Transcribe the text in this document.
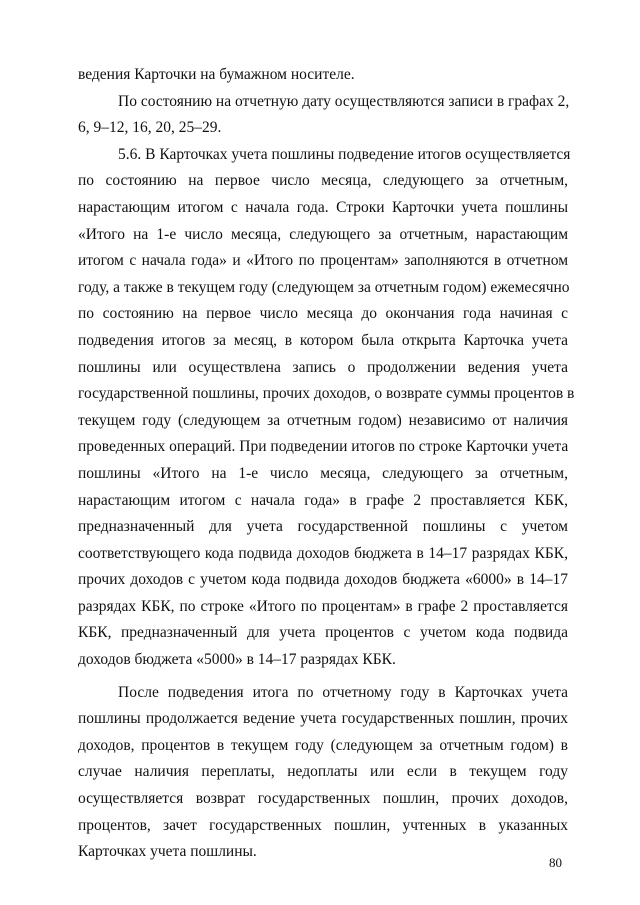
ведения Карточки на бумажном носителе.
По состоянию на отчетную дату осуществляются записи в графах 2,
6, 9–12, 16, 20, 25–29.
5.6. В Карточках учета пошлины подведение итогов осуществляется
по состоянию на первое число месяца, следующего за отчетным,
нарастающим итогом с начала года. Строки Карточки учета пошлины
«Итого на 1-е число месяца, следующего за отчетным, нарастающим
итогом с начала года» и «Итого по процентам» заполняются в отчетном
году, а также в текущем году (следующем за отчетным годом) ежемесячно
по состоянию на первое число месяца до окончания года начиная с
подведения итогов за месяц, в котором была открыта Карточка учета
пошлины или осуществлена запись о продолжении ведения учета
государственной пошлины, прочих доходов, о возврате суммы процентов в
текущем году (следующем за отчетным годом) независимо от наличия
проведенных операций. При подведении итогов по строке Карточки учета
пошлины «Итого на 1-е число месяца, следующего за отчетным,
нарастающим итогом с начала года» в графе 2 проставляется КБК,
предназначенный для учета государственной пошлины с учетом
соответствующего кода подвида доходов бюджета в 14–17 разрядах КБК,
прочих доходов с учетом кода подвида доходов бюджета «6000» в 14–17
разрядах КБК, по строке «Итого по процентам» в графе 2 проставляется
КБК, предназначенный для учета процентов с учетом кода подвида
доходов бюджета «5000» в 14–17 разрядах КБК.
После подведения итога по отчетному году в Карточках учета
пошлины продолжается ведение учета государственных пошлин, прочих
доходов, процентов в текущем году (следующем за отчетным годом) в
случае наличия переплаты, недоплаты или если в текущем году
осуществляется возврат государственных пошлин, прочих доходов,
процентов, зачет государственных пошлин, учтенных в указанных
Карточках учета пошлины.
80
